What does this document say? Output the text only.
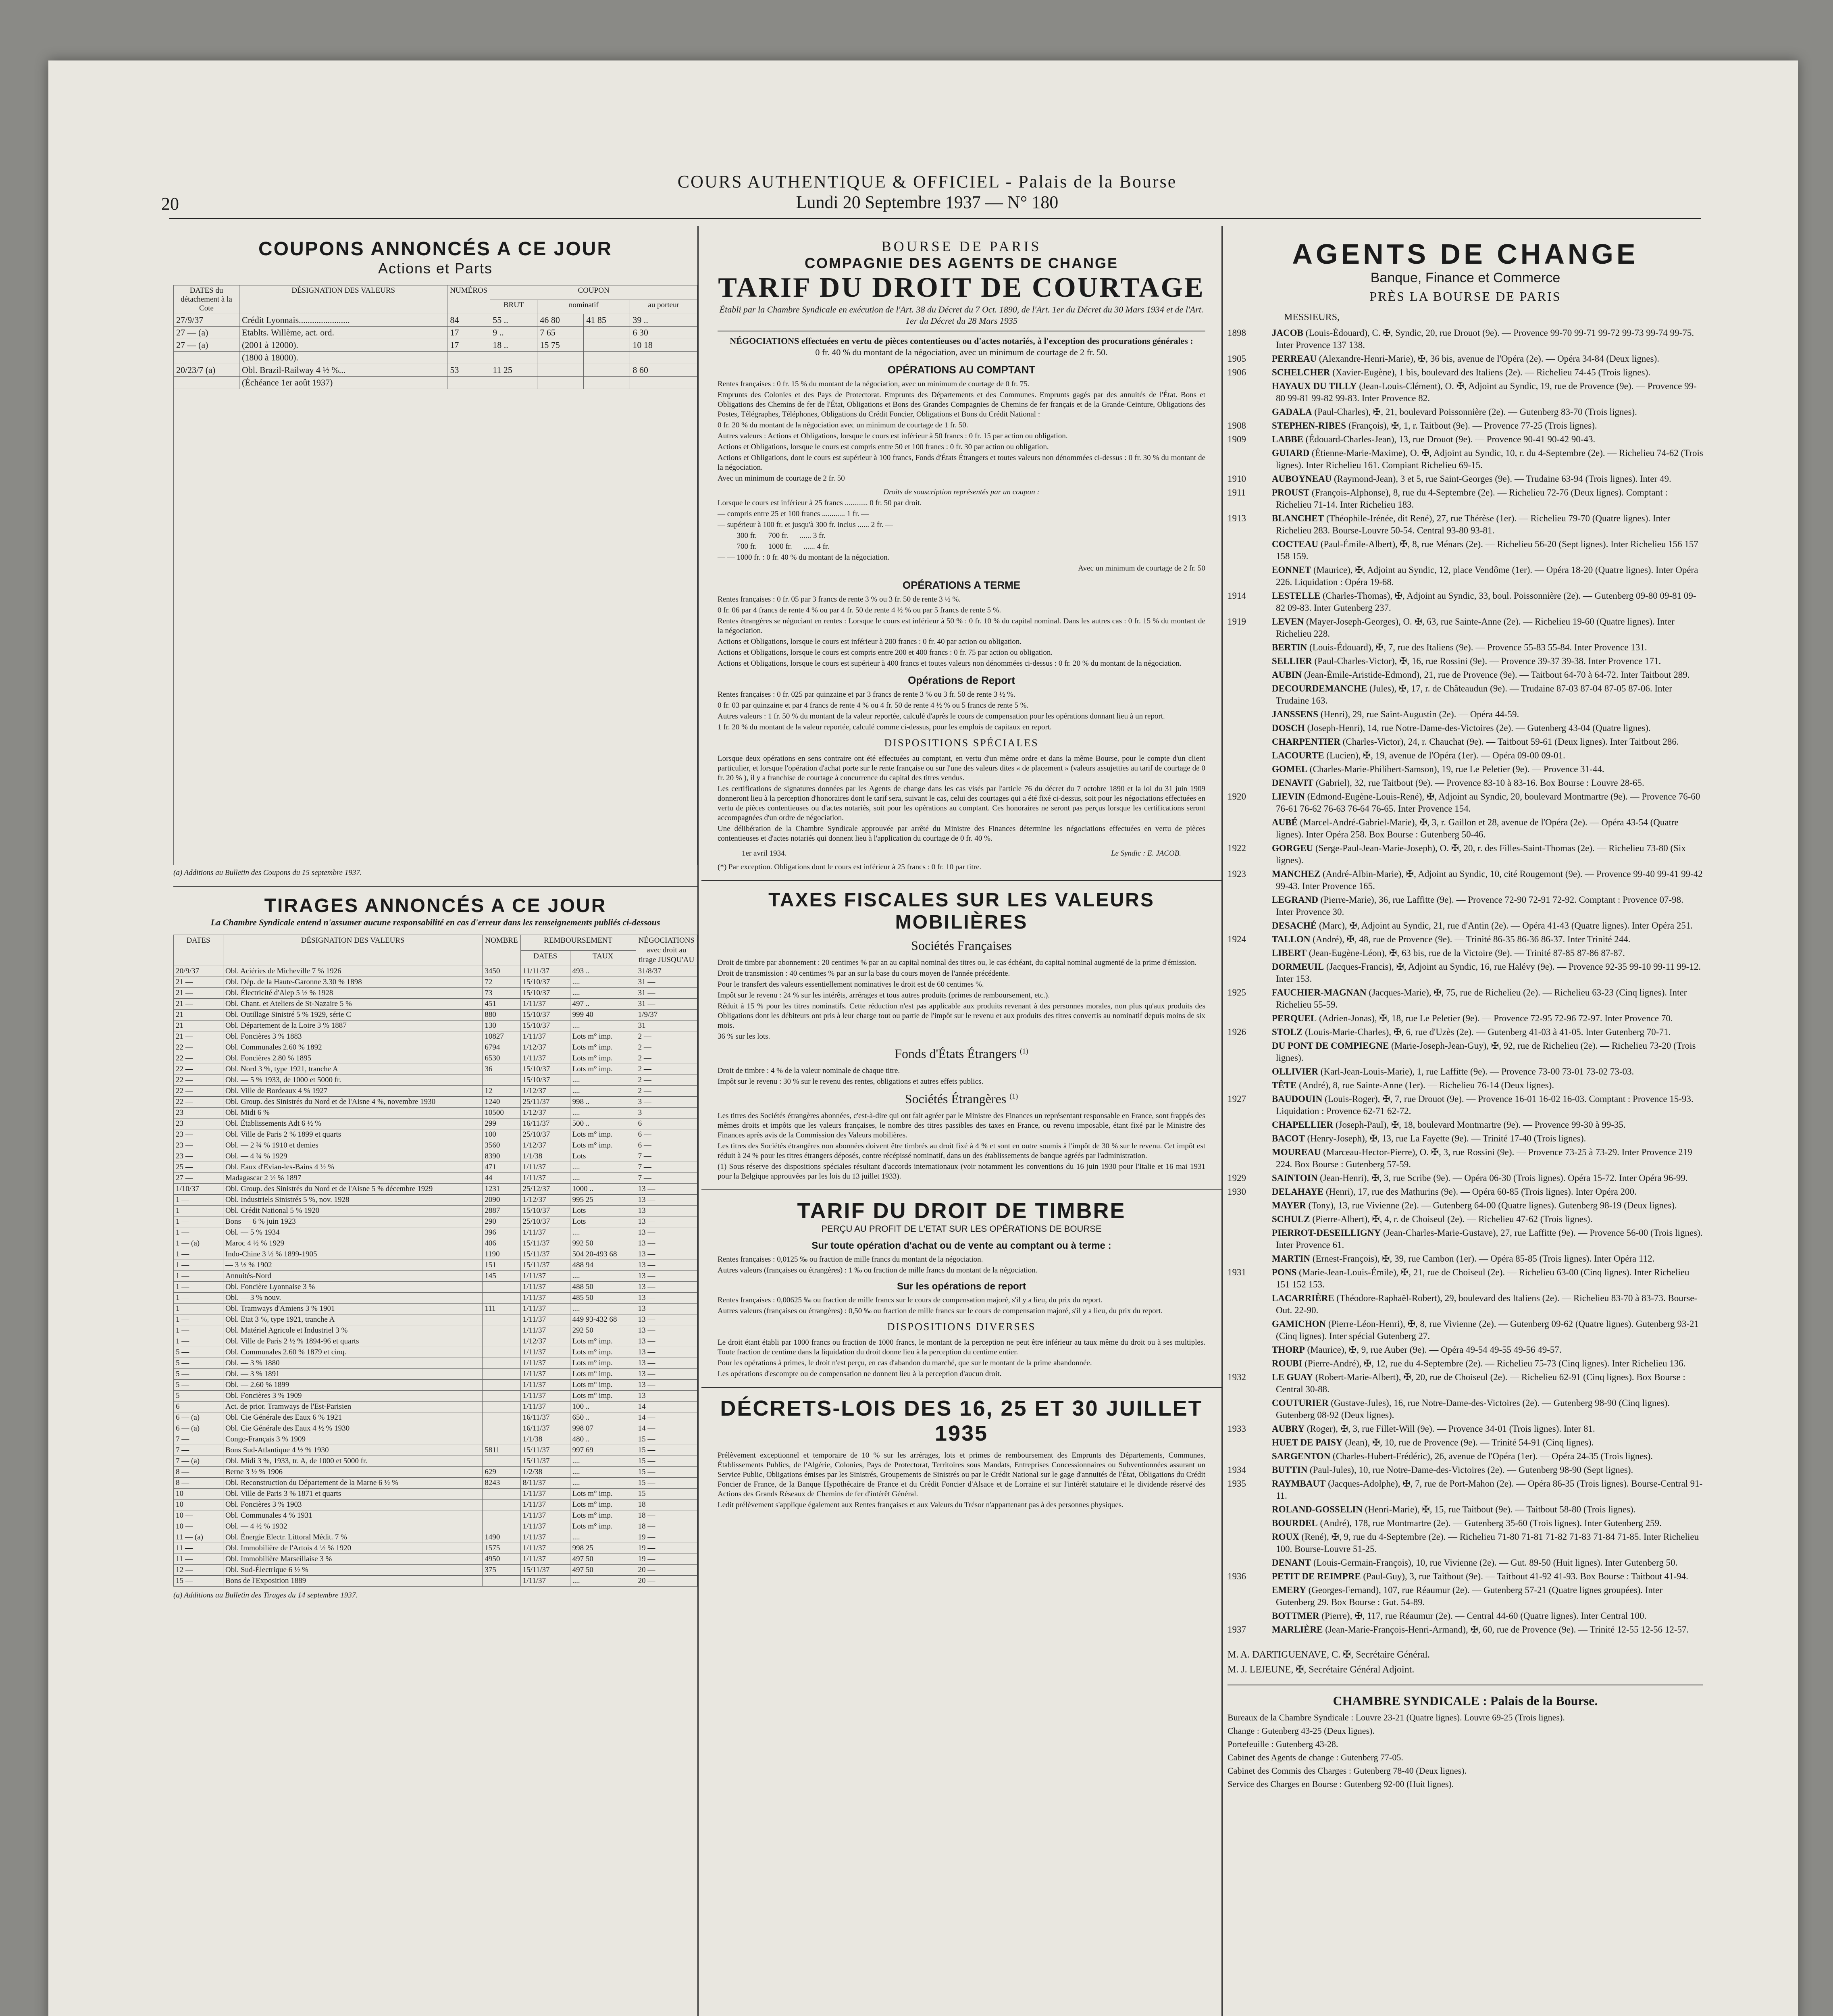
20
COURS AUTHENTIQUE & OFFICIEL - Palais de la Bourse
Lundi 20 Septembre 1937 — N° 180
COUPONS ANNONCÉS A CE JOUR
Actions et Parts
DATES du détachement à la Cote	DÉSIGNATION DES VALEURS	NUMÉROS	COUPON			
			BRUT	nominatif		au porteur
27/9/37	Crédit Lyonnais.......................	84	55 ..	46 80	41 85	39 ..
27 — (a)	Etablts. Willème, act. ord.	17	9 ..	7 65		6 30
27 — (a)	(2001 à 12000).	17	18 ..	15 75		10 18
	(1800 à 18000).					
20/23/7 (a)	Obl. Brazil-Railway 4 ½ %...	53	11 25			8 60
	(Échéance 1er août 1937)					
(a) Additions au Bulletin des Coupons du 15 septembre 1937.
TIRAGES ANNONCÉS A CE JOUR
La Chambre Syndicale entend n'assumer aucune responsabilité en cas d'erreur dans les renseignements publiés ci-dessous
DATES	DÉSIGNATION DES VALEURS	NOMBRE	REMBOURSEMENT		NÉGOCIATIONS avec droit au tirage JUSQU'AU
			DATES	TAUX	
20/9/37	Obl. Aciéries de Micheville 7 % 1926	3450	11/11/37	493 ..	31/8/37
21 —	Obl. Dép. de la Haute-Garonne 3.30 % 1898	72	15/10/37	....	31 —
21 —	Obl. Électricité d'Alep 5 ½ % 1928	73	15/10/37	....	31 —
21 —	Obl. Chant. et Ateliers de St-Nazaire 5 %	451	1/11/37	497 ..	31 —
21 —	Obl. Outillage Sinistré 5 % 1929, série C	880	15/10/37	999 40	1/9/37
21 —	Obl. Département de la Loire 3 % 1887	130	15/10/37	....	31 —
21 —	Obl. Foncières 3 % 1883	10827	1/11/37	Lots m° imp.	2 —
22 —	Obl. Communales 2.60 % 1892	6794	1/12/37	Lots m° imp.	2 —
22 —	Obl. Foncières 2.80 % 1895	6530	1/11/37	Lots m° imp.	2 —
22 —	Obl. Nord 3 %, type 1921, tranche A	36	15/10/37	Lots m° imp.	2 —
22 —	Obl. — 5 % 1933, de 1000 et 5000 fr.		15/10/37	....	2 —
22 —	Obl. Ville de Bordeaux 4 % 1927	12	1/12/37	....	2 —
22 —	Obl. Group. des Sinistrés du Nord et de l'Aisne 4 %, novembre 1930	1240	25/11/37	998 ..	3 —
23 —	Obl. Midi 6 %	10500	1/12/37	....	3 —
23 —	Obl. Établissements Adt 6 ½ %	299	16/11/37	500 ..	6 —
23 —	Obl. Ville de Paris 2 % 1899 et quarts	100	25/10/37	Lots m° imp.	6 —
23 —	Obl. — 2 ¾ % 1910 et demies	3560	1/12/37	Lots m° imp.	6 —
23 —	Obl. — 4 ¾ % 1929	8390	1/1/38	Lots	7 —
25 —	Obl. Eaux d'Evian-les-Bains 4 ½ %	471	1/11/37	....	7 —
27 —	Madagascar 2 ½ % 1897	44	1/11/37	....	7 —
1/10/37	Obl. Group. des Sinistrés du Nord et de l'Aisne 5 % décembre 1929	1231	25/12/37	1000 ..	13 —
1 —	Obl. Industriels Sinistrés 5 %, nov. 1928	2090	1/12/37	995 25	13 —
1 —	Obl. Crédit National 5 % 1920	2887	15/10/37	Lots	13 —
1 —	Bons — 6 % juin 1923	290	25/10/37	Lots	13 —
1 —	Obl. — 5 % 1934	396	1/11/37	....	13 —
1 — (a)	Maroc 4 ½ % 1929	406	15/11/37	992 50	13 —
1 —	Indo-Chine 3 ½ % 1899-1905	1190	15/11/37	504 20-493 68	13 —
1 —	— 3 ½ % 1902	151	15/11/37	488 94	13 —
1 —	Annuités-Nord	145	1/11/37	....	13 —
1 —	Obl. Foncière Lyonnaise 3 %		1/11/37	488 50	13 —
1 —	Obl. — 3 % nouv.		1/11/37	485 50	13 —
1 —	Obl. Tramways d'Amiens 3 % 1901	111	1/11/37	....	13 —
1 —	Obl. Etat 3 %, type 1921, tranche A		1/11/37	449 93-432 68	13 —
1 —	Obl. Matériel Agricole et Industriel 3 %		1/11/37	292 50	13 —
1 —	Obl. Ville de Paris 2 ½ % 1894-96 et quarts		1/12/37	Lots m° imp.	13 —
5 —	Obl. Communales 2.60 % 1879 et cinq.		1/11/37	Lots m° imp.	13 —
5 —	Obl. — 3 % 1880		1/11/37	Lots m° imp.	13 —
5 —	Obl. — 3 % 1891		1/11/37	Lots m° imp.	13 —
5 —	Obl. — 2.60 % 1899		1/11/37	Lots m° imp.	13 —
5 —	Obl. Foncières 3 % 1909		1/11/37	Lots m° imp.	13 —
6 —	Act. de prior. Tramways de l'Est-Parisien		1/11/37	100 ..	14 —
6 — (a)	Obl. Cie Générale des Eaux 6 % 1921		16/11/37	650 ..	14 —
6 — (a)	Obl. Cie Générale des Eaux 4 ½ % 1930		16/11/37	998 07	14 —
7 —	Congo-Français 3 % 1909		1/1/38	480 ..	15 —
7 —	Bons Sud-Atlantique 4 ½ % 1930	5811	15/11/37	997 69	15 —
7 — (a)	Obl. Midi 3 %, 1933, tr. A, de 1000 et 5000 fr.		15/11/37	....	15 —
8 —	Berne 3 ½ % 1906	629	1/2/38	....	15 —
8 —	Obl. Reconstruction du Département de la Marne 6 ½ %	8243	8/11/37	....	15 —
10 —	Obl. Ville de Paris 3 % 1871 et quarts		1/11/37	Lots m° imp.	15 —
10 —	Obl. Foncières 3 % 1903		1/11/37	Lots m° imp.	18 —
10 —	Obl. Communales 4 % 1931		1/11/37	Lots m° imp.	18 —
10 —	Obl. — 4 ½ % 1932		1/11/37	Lots m° imp.	18 —
11 — (a)	Obl. Énergie Electr. Littoral Médit. 7 %	1490	1/11/37	....	19 —
11 —	Obl. Immobilière de l'Artois 4 ½ % 1920	1575	1/11/37	998 25	19 —
11 —	Obl. Immobilière Marseillaise 3 %	4950	1/11/37	497 50	19 —
12 —	Obl. Sud-Électrique 6 ½ %	375	15/11/37	497 50	20 —
15 —	Bons de l'Exposition 1889		1/11/37	....	20 —
(a) Additions au Bulletin des Tirages du 14 septembre 1937.
BOURSE DE PARIS
COMPAGNIE DES AGENTS DE CHANGE
TARIF DU DROIT DE COURTAGE

Établi par la Chambre Syndicale en exécution de l'Art. 38 du Décret du 7 Oct. 1890, de l'Art. 1er du Décret du 30 Mars 1934 et de l'Art. 1er du Décret du 28 Mars 1935

NÉGOCIATIONS effectuées en vertu de pièces contentieuses ou d'actes notariés, à l'exception des procurations générales :

0 fr. 40 % du montant de la négociation, avec un minimum de courtage de 2 fr. 50.

OPÉRATIONS AU COMPTANT

Rentes françaises : 0 fr. 15 % du montant de la négociation, avec un minimum de courtage de 0 fr. 75.

Emprunts des Colonies et des Pays de Protectorat. Emprunts des Départements et des Communes. Emprunts gagés par des annuités de l'État. Bons et Obligations des Chemins de fer de l'État, Obligations et Bons des Grandes Compagnies de Chemins de fer français et de la Grande-Ceinture, Obligations des Postes, Télégraphes, Téléphones, Obligations du Crédit Foncier, Obligations et Bons du Crédit National :

0 fr. 20 % du montant de la négociation avec un minimum de courtage de 1 fr. 50.

Autres valeurs : Actions et Obligations, lorsque le cours est inférieur à 50 francs : 0 fr. 15 par action ou obligation.

Actions et Obligations, lorsque le cours est compris entre 50 et 100 francs : 0 fr. 30 par action ou obligation.

Actions et Obligations, dont le cours est supérieur à 100 francs, Fonds d'États Étrangers et toutes valeurs non dénommées ci-dessus : 0 fr. 30 % du montant de la négociation.

Avec un minimum de courtage de 2 fr. 50

Droits de souscription représentés par un coupon :

Lorsque le cours est inférieur à 25 francs ............ 0 fr. 50 par droit.

— compris entre 25 et 100 francs ............ 1 fr. —

— supérieur à 100 fr. et jusqu'à 300 fr. inclus ...... 2 fr. —

— — 300 fr. — 700 fr. — ...... 3 fr. —

— — 700 fr. — 1000 fr. — ...... 4 fr. —

— — 1000 fr. : 0 fr. 40 % du montant de la négociation.

Avec un minimum de courtage de 2 fr. 50

OPÉRATIONS A TERME

Rentes françaises : 0 fr. 05 par 3 francs de rente 3 % ou 3 fr. 50 de rente 3 ½ %.

0 fr. 06 par 4 francs de rente 4 % ou par 4 fr. 50 de rente 4 ½ % ou par 5 francs de rente 5 %.

Rentes étrangères se négociant en rentes : Lorsque le cours est inférieur à 50 % : 0 fr. 10 % du capital nominal. Dans les autres cas : 0 fr. 15 % du montant de la négociation.

Actions et Obligations, lorsque le cours est inférieur à 200 francs : 0 fr. 40 par action ou obligation.

Actions et Obligations, lorsque le cours est compris entre 200 et 400 francs : 0 fr. 75 par action ou obligation.

Actions et Obligations, lorsque le cours est supérieur à 400 francs et toutes valeurs non dénommées ci-dessus : 0 fr. 20 % du montant de la négociation.

Opérations de Report

Rentes françaises : 0 fr. 025 par quinzaine et par 3 francs de rente 3 % ou 3 fr. 50 de rente 3 ½ %.

0 fr. 03 par quinzaine et par 4 francs de rente 4 % ou 4 fr. 50 de rente 4 ½ % ou 5 francs de rente 5 %.

Autres valeurs : 1 fr. 50 % du montant de la valeur reportée, calculé d'après le cours de compensation pour les opérations donnant lieu à un report.

1 fr. 20 % du montant de la valeur reportée, calculé comme ci-dessus, pour les emplois de capitaux en report.

DISPOSITIONS SPÉCIALES

Lorsque deux opérations en sens contraire ont été effectuées au comptant, en vertu d'un même ordre et dans la même Bourse, pour le compte d'un client particulier, et lorsque l'opération d'achat porte sur le rente française ou sur l'une des valeurs dites « de placement » (valeurs assujetties au tarif de courtage de 0 fr. 20 % ), il y a franchise de courtage à concurrence du capital des titres vendus.

Les certifications de signatures données par les Agents de change dans les cas visés par l'article 76 du décret du 7 octobre 1890 et la loi du 31 juin 1909 donneront lieu à la perception d'honoraires dont le tarif sera, suivant le cas, celui des courtages qui a été fixé ci-dessus, soit pour les négociations effectuées en vertu de pièces contentieuses ou d'actes notariés, soit pour les opérations au comptant. Ces honoraires ne seront pas perçus lorsque les certifications seront accompagnées d'un ordre de négociation.

Une délibération de la Chambre Syndicale approuvée par arrêté du Ministre des Finances détermine les négociations effectuées en vertu de pièces contentieuses et d'actes notariés qui donnent lieu à l'application du courtage de 0 fr. 40 %.

1er avril 1934.	Le Syndic : E. JACOB.

(*) Par exception. Obligations dont le cours est inférieur à 25 francs : 0 fr. 10 par titre.

TAXES FISCALES SUR LES VALEURS MOBILIÈRES
Sociétés Françaises

Droit de timbre par abonnement : 20 centimes % par an au capital nominal des titres ou, le cas échéant, du capital nominal augmenté de la prime d'émission.

Droit de transmission : 40 centimes % par an sur la base du cours moyen de l'année précédente.

Pour le transfert des valeurs essentiellement nominatives le droit est de 60 centimes %.

Impôt sur le revenu : 24 % sur les intérêts, arrérages et tous autres produits (primes de remboursement, etc.).

Réduit à 15 % pour les titres nominatifs. Cette réduction n'est pas applicable aux produits revenant à des personnes morales, non plus qu'aux produits des Obligations dont les débiteurs ont pris à leur charge tout ou partie de l'impôt sur le revenu et aux produits des titres convertis au nominatif depuis moins de six mois.

36 % sur les lots.

Fonds d'États Étrangers $^{(1)}$

Droit de timbre : 4 % de la valeur nominale de chaque titre.

Impôt sur le revenu : 30 % sur le revenu des rentes, obligations et autres effets publics.

Sociétés Étrangères $^{(1)}$

Les titres des Sociétés étrangères abonnées, c'est-à-dire qui ont fait agréer par le Ministre des Finances un représentant responsable en France, sont frappés des mêmes droits et impôts que les valeurs françaises, le nombre des titres passibles des taxes en France, ou revenu imposable, étant fixé par le Ministre des Finances après avis de la Commission des Valeurs mobilières.

Les titres des Sociétés étrangères non abonnées doivent être timbrés au droit fixé à 4 % et sont en outre soumis à l'impôt de 30 % sur le revenu. Cet impôt est réduit à 24 % pour les titres étrangers déposés, contre récépissé nominatif, dans un des établissements de banque agréés par l'administration.

(1) Sous réserve des dispositions spéciales résultant d'accords internationaux (voir notamment les conventions du 16 juin 1930 pour l'Italie et 16 mai 1931 pour la Belgique approuvées par les lois du 13 juillet 1933).

TARIF DU DROIT DE TIMBRE
PERÇU AU PROFIT DE L'ETAT SUR LES OPÉRATIONS DE BOURSE
Sur toute opération d'achat ou de vente au comptant ou à terme :

Rentes françaises : 0,0125 ‰ ou fraction de mille francs du montant de la négociation.

Autres valeurs (françaises ou étrangères) : 1 ‰ ou fraction de mille francs du montant de la négociation.

Sur les opérations de report

Rentes françaises : 0,00625 ‰ ou fraction de mille francs sur le cours de compensation majoré, s'il y a lieu, du prix du report.

Autres valeurs (françaises ou étrangères) : 0,50 ‰ ou fraction de mille francs sur le cours de compensation majoré, s'il y a lieu, du prix du report.

DISPOSITIONS DIVERSES

Le droit étant établi par 1000 francs ou fraction de 1000 francs, le montant de la perception ne peut être inférieur au taux même du droit ou à ses multiples. Toute fraction de centime dans la liquidation du droit donne lieu à la perception du centime entier.

Pour les opérations à primes, le droit n'est perçu, en cas d'abandon du marché, que sur le montant de la prime abandonnée.

Les opérations d'escompte ou de compensation ne donnent lieu à la perception d'aucun droit.

DÉCRETS-LOIS DES 16, 25 ET 30 JUILLET 1935

Prélèvement exceptionnel et temporaire de 10 % sur les arrérages, lots et primes de remboursement des Emprunts des Départements, Communes, Établissements Publics, de l'Algérie, Colonies, Pays de Protectorat, Territoires sous Mandats, Entreprises Concessionnaires ou Subventionnées assurant un Service Public, Obligations émises par les Sinistrés, Groupements de Sinistrés ou par le Crédit National sur le gage d'annuités de l'État, Obligations du Crédit Foncier de France, de la Banque Hypothécaire de France et du Crédit Foncier d'Alsace et de Lorraine et sur l'intérêt statutaire et le dividende réservé des Actions des Grands Réseaux de Chemins de fer d'intérêt Général.

Ledit prélèvement s'applique également aux Rentes françaises et aux Valeurs du Trésor n'appartenant pas à des personnes physiques.

AGENTS DE CHANGE
Banque, Finance et Commerce
PRÈS LA BOURSE DE PARIS
MESSIEURS,

1898	JACOB (Louis-Édouard), C. ✠, Syndic, 20, rue Drouot (9e). — Provence 99-70 99-71 99-72 99-73 99-74 99-75. Inter Provence 137 138.

1905	PERREAU (Alexandre-Henri-Marie), ✠, 36 bis, avenue de l'Opéra (2e). — Opéra 34-84 (Deux lignes).

1906	SCHELCHER (Xavier-Eugène), 1 bis, boulevard des Italiens (2e). — Richelieu 74-45 (Trois lignes).

HAYAUX DU TILLY (Jean-Louis-Clément), O. ✠, Adjoint au Syndic, 19, rue de Provence (9e). — Provence 99-80 99-81 99-82 99-83. Inter Provence 82.

GADALA (Paul-Charles), ✠, 21, boulevard Poissonnière (2e). — Gutenberg 83-70 (Trois lignes).

1908	STEPHEN-RIBES (François), ✠, 1, r. Taitbout (9e). — Provence 77-25 (Trois lignes).

1909	LABBE (Édouard-Charles-Jean), 13, rue Drouot (9e). — Provence 90-41 90-42 90-43.

GUIARD (Étienne-Marie-Maxime), O. ✠, Adjoint au Syndic, 10, r. du 4-Septembre (2e). — Richelieu 74-62 (Trois lignes). Inter Richelieu 161. Compiant Richelieu 69-15.

1910	AUBOYNEAU (Raymond-Jean), 3 et 5, rue Saint-Georges (9e). — Trudaine 63-94 (Trois lignes). Inter 49.

1911	PROUST (François-Alphonse), 8, rue du 4-Septembre (2e). — Richelieu 72-76 (Deux lignes). Comptant : Richelieu 71-14. Inter Richelieu 183.

1913	BLANCHET (Théophile-Irénée, dit René), 27, rue Thérèse (1er). — Richelieu 79-70 (Quatre lignes). Inter Richelieu 283. Bourse-Louvre 50-54. Central 93-80 93-81.

COCTEAU (Paul-Émile-Albert), ✠, 8, rue Ménars (2e). — Richelieu 56-20 (Sept lignes). Inter Richelieu 156 157 158 159.

EONNET (Maurice), ✠, Adjoint au Syndic, 12, place Vendôme (1er). — Opéra 18-20 (Quatre lignes). Inter Opéra 226. Liquidation : Opéra 19-68.

1914	LESTELLE (Charles-Thomas), ✠, Adjoint au Syndic, 33, boul. Poissonnière (2e). — Gutenberg 09-80 09-81 09-82 09-83. Inter Gutenberg 237.

1919	LEVEN (Mayer-Joseph-Georges), O. ✠, 63, rue Sainte-Anne (2e). — Richelieu 19-60 (Quatre lignes). Inter Richelieu 228.

BERTIN (Louis-Édouard), ✠, 7, rue des Italiens (9e). — Provence 55-83 55-84. Inter Provence 131.

SELLIER (Paul-Charles-Victor), ✠, 16, rue Rossini (9e). — Provence 39-37 39-38. Inter Provence 171.

AUBIN (Jean-Émile-Aristide-Edmond), 21, rue de Provence (9e). — Taitbout 64-70 à 64-72. Inter Taitbout 289.

DECOURDEMANCHE (Jules), ✠, 17, r. de Châteaudun (9e). — Trudaine 87-03 87-04 87-05 87-06. Inter Trudaine 163.

JANSSENS (Henri), 29, rue Saint-Augustin (2e). — Opéra 44-59.

DOSCH (Joseph-Henri), 14, rue Notre-Dame-des-Victoires (2e). — Gutenberg 43-04 (Quatre lignes).

CHARPENTIER (Charles-Victor), 24, r. Chauchat (9e). — Taitbout 59-61 (Deux lignes). Inter Taitbout 286.

LACOURTE (Lucien), ✠, 19, avenue de l'Opéra (1er). — Opéra 09-00 09-01.

GOMEL (Charles-Marie-Philibert-Samson), 19, rue Le Peletier (9e). — Provence 31-44.

DENAVIT (Gabriel), 32, rue Taitbout (9e). — Provence 83-10 à 83-16. Box Bourse : Louvre 28-65.

1920	LIEVIN (Edmond-Eugène-Louis-René), ✠, Adjoint au Syndic, 20, boulevard Montmartre (9e). — Provence 76-60 76-61 76-62 76-63 76-64 76-65. Inter Provence 154.

AUBÉ (Marcel-André-Gabriel-Marie), ✠, 3, r. Gaillon et 28, avenue de l'Opéra (2e). — Opéra 43-54 (Quatre lignes). Inter Opéra 258. Box Bourse : Gutenberg 50-46.

1922	GORGEU (Serge-Paul-Jean-Marie-Joseph), O. ✠, 20, r. des Filles-Saint-Thomas (2e). — Richelieu 73-80 (Six lignes).

1923	MANCHEZ (André-Albin-Marie), ✠, Adjoint au Syndic, 10, cité Rougemont (9e). — Provence 99-40 99-41 99-42 99-43. Inter Provence 165.

LEGRAND (Pierre-Marie), 36, rue Laffitte (9e). — Provence 72-90 72-91 72-92. Comptant : Provence 07-98. Inter Provence 30.

DESACHÉ (Marc), ✠, Adjoint au Syndic, 21, rue d'Antin (2e). — Opéra 41-43 (Quatre lignes). Inter Opéra 251.

1924	TALLON (André), ✠, 48, rue de Provence (9e). — Trinité 86-35 86-36 86-37. Inter Trinité 244.

LIBERT (Jean-Eugène-Léon), ✠, 63 bis, rue de la Victoire (9e). — Trinité 87-85 87-86 87-87.

DORMEUIL (Jacques-Francis), ✠, Adjoint au Syndic, 16, rue Halévy (9e). — Provence 92-35 99-10 99-11 99-12. Inter 153.

1925	FAUCHIER-MAGNAN (Jacques-Marie), ✠, 75, rue de Richelieu (2e). — Richelieu 63-23 (Cinq lignes). Inter Richelieu 55-59.

PERQUEL (Adrien-Jonas), ✠, 18, rue Le Peletier (9e). — Provence 72-95 72-96 72-97. Inter Provence 70.

1926	STOLZ (Louis-Marie-Charles), ✠, 6, rue d'Uzès (2e). — Gutenberg 41-03 à 41-05. Inter Gutenberg 70-71.

DU PONT DE COMPIEGNE (Marie-Joseph-Jean-Guy), ✠, 92, rue de Richelieu (2e). — Richelieu 73-20 (Trois lignes).

OLLIVIER (Karl-Jean-Louis-Marie), 1, rue Laffitte (9e). — Provence 73-00 73-01 73-02 73-03.

TÊTE (André), 8, rue Sainte-Anne (1er). — Richelieu 76-14 (Deux lignes).

1927	BAUDOUIN (Louis-Roger), ✠, 7, rue Drouot (9e). — Provence 16-01 16-02 16-03. Comptant : Provence 15-93. Liquidation : Provence 62-71 62-72.

CHAPELLIER (Joseph-Paul), ✠, 18, boulevard Montmartre (9e). — Provence 99-30 à 99-35.

BACOT (Henry-Joseph), ✠, 13, rue La Fayette (9e). — Trinité 17-40 (Trois lignes).

MOUREAU (Marceau-Hector-Pierre), O. ✠, 3, rue Rossini (9e). — Provence 73-25 à 73-29. Inter Provence 219 224. Box Bourse : Gutenberg 57-59.

1929	SAINTOIN (Jean-Henri), ✠, 3, rue Scribe (9e). — Opéra 06-30 (Trois lignes). Opéra 15-72. Inter Opéra 96-99.

1930	DELAHAYE (Henri), 17, rue des Mathurins (9e). — Opéra 60-85 (Trois lignes). Inter Opéra 200.

MAYER (Tony), 13, rue Vivienne (2e). — Gutenberg 64-00 (Quatre lignes). Gutenberg 98-19 (Deux lignes).

SCHULZ (Pierre-Albert), ✠, 4, r. de Choiseul (2e). — Richelieu 47-62 (Trois lignes).

PIERROT-DESEILLIGNY (Jean-Charles-Marie-Gustave), 27, rue Laffitte (9e). — Provence 56-00 (Trois lignes). Inter Provence 61.

MARTIN (Ernest-François), ✠, 39, rue Cambon (1er). — Opéra 85-85 (Trois lignes). Inter Opéra 112.

1931	PONS (Marie-Jean-Louis-Émile), ✠, 21, rue de Choiseul (2e). — Richelieu 63-00 (Cinq lignes). Inter Richelieu 151 152 153.

LACARRIÈRE (Théodore-Raphaël-Robert), 29, boulevard des Italiens (2e). — Richelieu 83-70 à 83-73. Bourse-Out. 22-90.

GAMICHON (Pierre-Léon-Henri), ✠, 8, rue Vivienne (2e). — Gutenberg 09-62 (Quatre lignes). Gutenberg 93-21 (Cinq lignes). Inter spécial Gutenberg 27.

THORP (Maurice), ✠, 9, rue Auber (9e). — Opéra 49-54 49-55 49-56 49-57.

ROUBI (Pierre-André), ✠, 12, rue du 4-Septembre (2e). — Richelieu 75-73 (Cinq lignes). Inter Richelieu 136.

1932	LE GUAY (Robert-Marie-Albert), ✠, 20, rue de Choiseul (2e). — Richelieu 62-91 (Cinq lignes). Box Bourse : Central 30-88.

COUTURIER (Gustave-Jules), 16, rue Notre-Dame-des-Victoires (2e). — Gutenberg 98-90 (Cinq lignes). Gutenberg 08-92 (Deux lignes).

1933	AUBRY (Roger), ✠, 3, rue Fillet-Will (9e). — Provence 34-01 (Trois lignes). Inter 81.

HUET DE PAISY (Jean), ✠, 10, rue de Provence (9e). — Trinité 54-91 (Cinq lignes).

SARGENTON (Charles-Hubert-Frédéric), 26, avenue de l'Opéra (1er). — Opéra 24-35 (Trois lignes).

1934	BUTTIN (Paul-Jules), 10, rue Notre-Dame-des-Victoires (2e). — Gutenberg 98-90 (Sept lignes).

1935	RAYMBAUT (Jacques-Adolphe), ✠, 7, rue de Port-Mahon (2e). — Opéra 86-35 (Trois lignes). Bourse-Central 91-11.

ROLAND-GOSSELIN (Henri-Marie), ✠, 15, rue Taitbout (9e). — Taitbout 58-80 (Trois lignes).

BOURDEL (André), 178, rue Montmartre (2e). — Gutenberg 35-60 (Trois lignes). Inter Gutenberg 259.

ROUX (René), ✠, 9, rue du 4-Septembre (2e). — Richelieu 71-80 71-81 71-82 71-83 71-84 71-85. Inter Richelieu 100. Bourse-Louvre 51-25.

DENANT (Louis-Germain-François), 10, rue Vivienne (2e). — Gut. 89-50 (Huit lignes). Inter Gutenberg 50.

1936	PETIT DE REIMPRE (Paul-Guy), 3, rue Taitbout (9e). — Taitbout 41-92 41-93. Box Bourse : Taitbout 41-94.

EMERY (Georges-Fernand), 107, rue Réaumur (2e). — Gutenberg 57-21 (Quatre lignes groupées). Inter Gutenberg 29. Box Bourse : Gut. 54-89.

BOTTMER (Pierre), ✠, 117, rue Réaumur (2e). — Central 44-60 (Quatre lignes). Inter Central 100.

1937	MARLIÈRE (Jean-Marie-François-Henri-Armand), ✠, 60, rue de Provence (9e). — Trinité 12-55 12-56 12-57.

M. A. DARTIGUENAVE, C. ✠, Secrétaire Général.

M. J. LEJEUNE, ✠, Secrétaire Général Adjoint.

CHAMBRE SYNDICALE : Palais de la Bourse.

Bureaux de la Chambre Syndicale : Louvre 23-21 (Quatre lignes). Louvre 69-25 (Trois lignes).

Change : Gutenberg 43-25 (Deux lignes).

Portefeuille : Gutenberg 43-28.

Cabinet des Agents de change : Gutenberg 77-05.

Cabinet des Commis des Charges : Gutenberg 78-40 (Deux lignes).

Service des Charges en Bourse : Gutenberg 92-00 (Huit lignes).
